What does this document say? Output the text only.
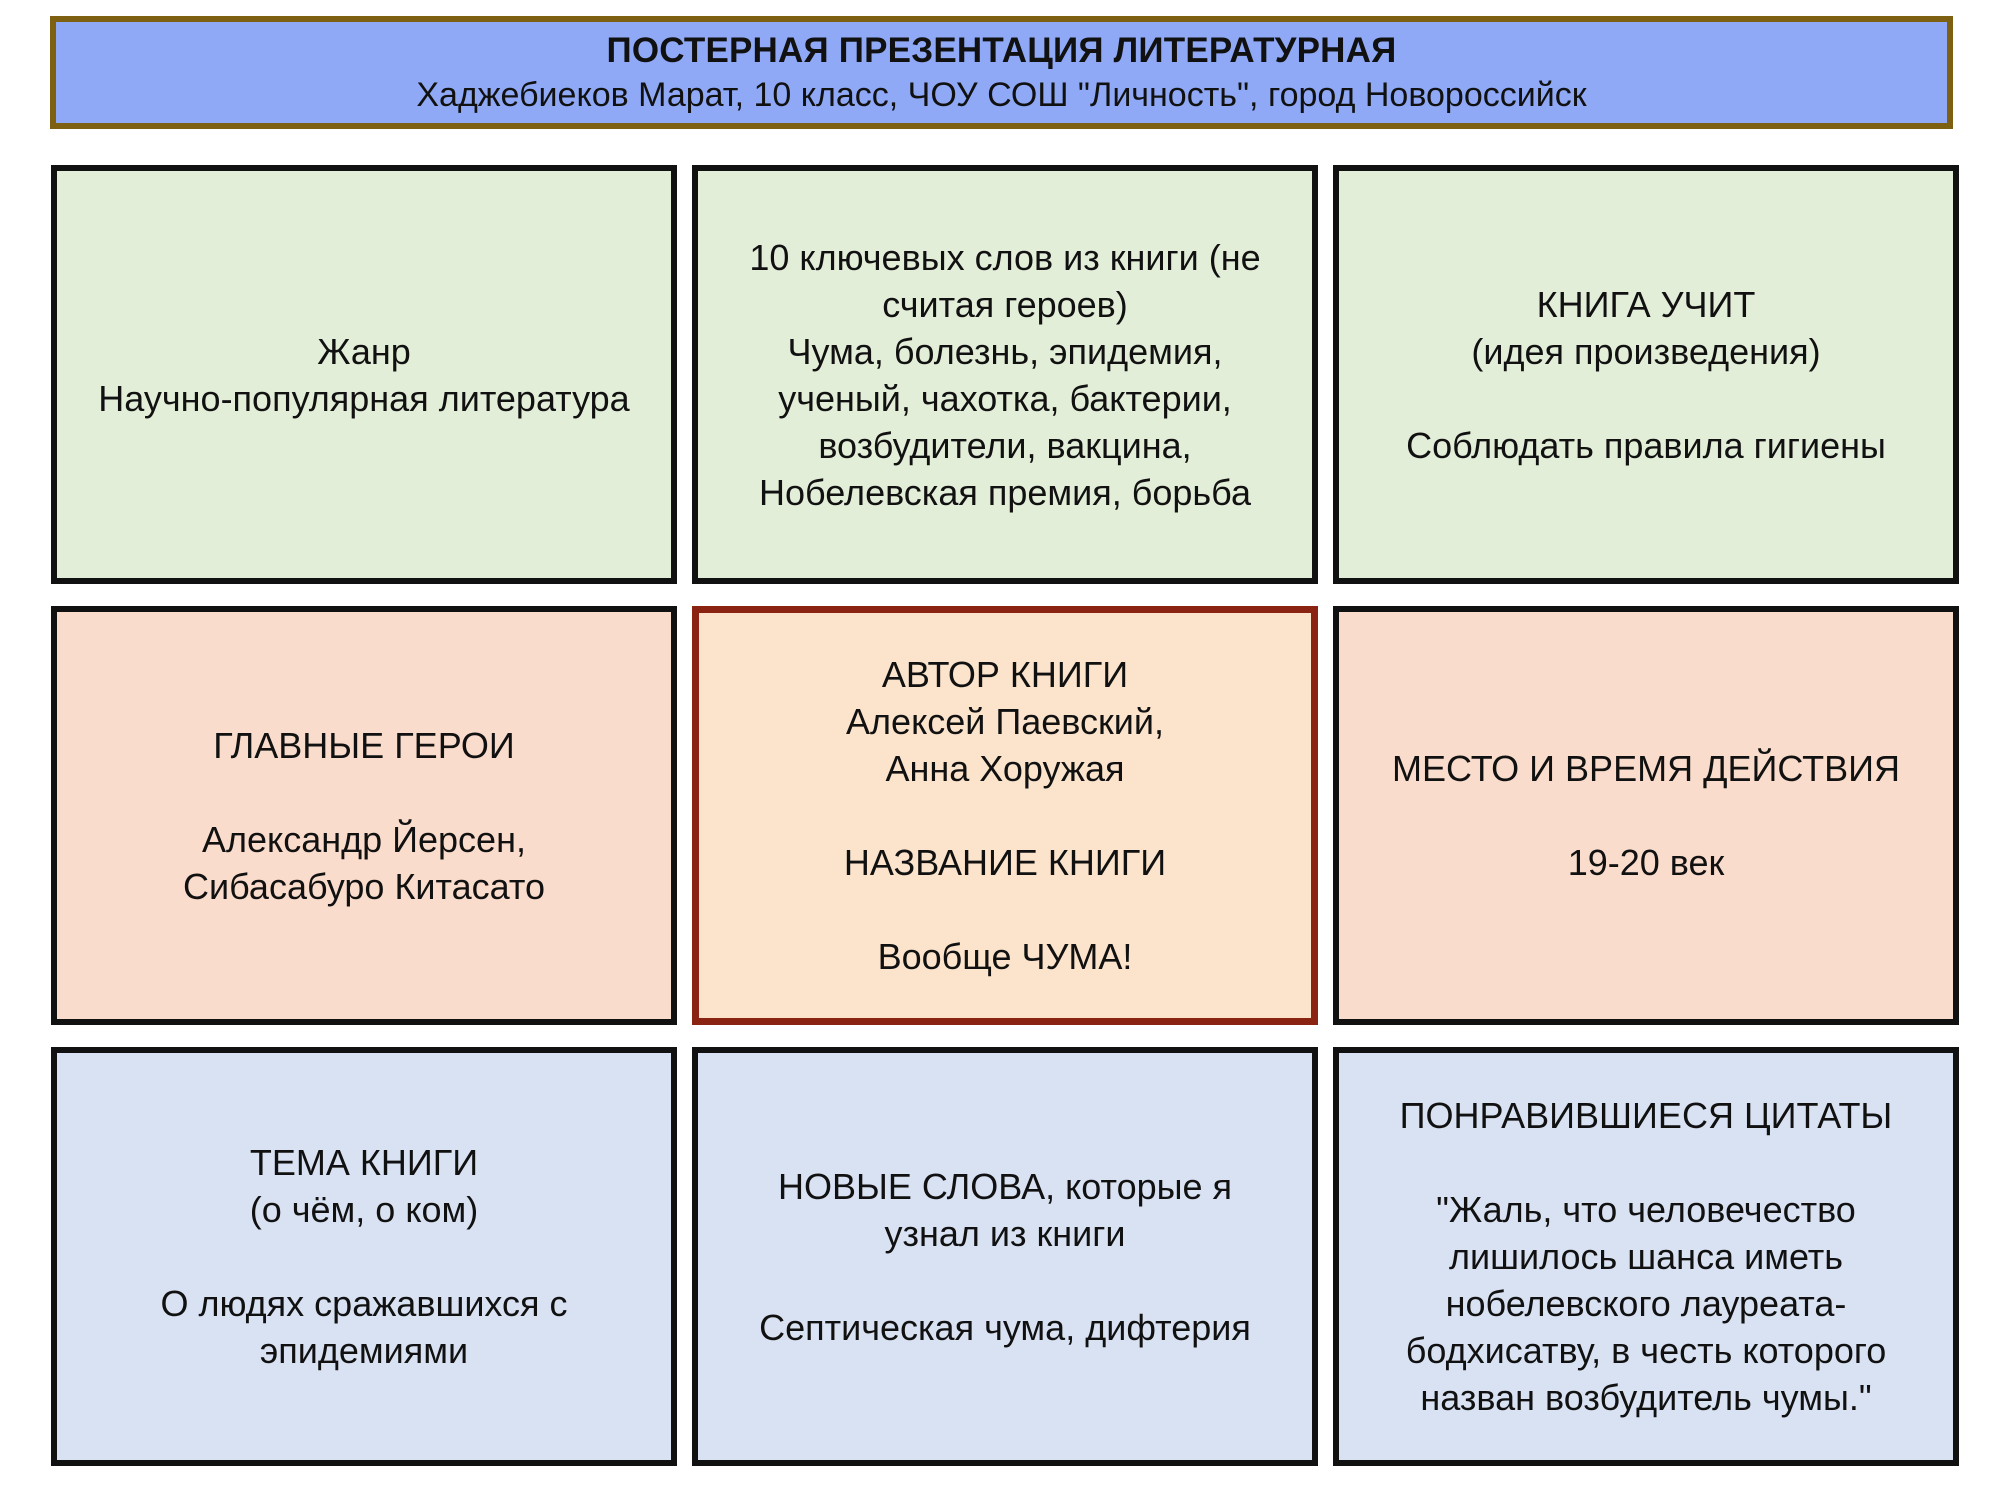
ПОСТЕРНАЯ ПРЕЗЕНТАЦИЯ ЛИТЕРАТУРНАЯ
Хаджебиеков Марат, 10 класс, ЧОУ СОШ "Личность", город Новороссийск
Жанр
Научно-популярная литература
10 ключевых слов из книги (не
считая героев)
Чума, болезнь, эпидемия,
ученый, чахотка, бактерии,
возбудители, вакцина,
Нобелевская премия, борьба
КНИГА УЧИТ
(идея произведения)
Соблюдать правила гигиены
ГЛАВНЫЕ ГЕРОИ
Александр Йерсен,
Сибасабуро Китасато
АВТОР КНИГИ
Алексей Паевский,
Анна Хоружая
НАЗВАНИЕ КНИГИ
Вообще ЧУМА!
МЕСТО И ВРЕМЯ ДЕЙСТВИЯ
19-20 век
ТЕМА КНИГИ
(о чём, о ком)
О людях сражавшихся с
эпидемиями
НОВЫЕ СЛОВА, которые я
узнал из книги
Септическая чума, дифтерия
ПОНРАВИВШИЕСЯ ЦИТАТЫ
"Жаль, что человечество
лишилось шанса иметь
нобелевского лауреата-
бодхисатву, в честь которого
назван возбудитель чумы."
